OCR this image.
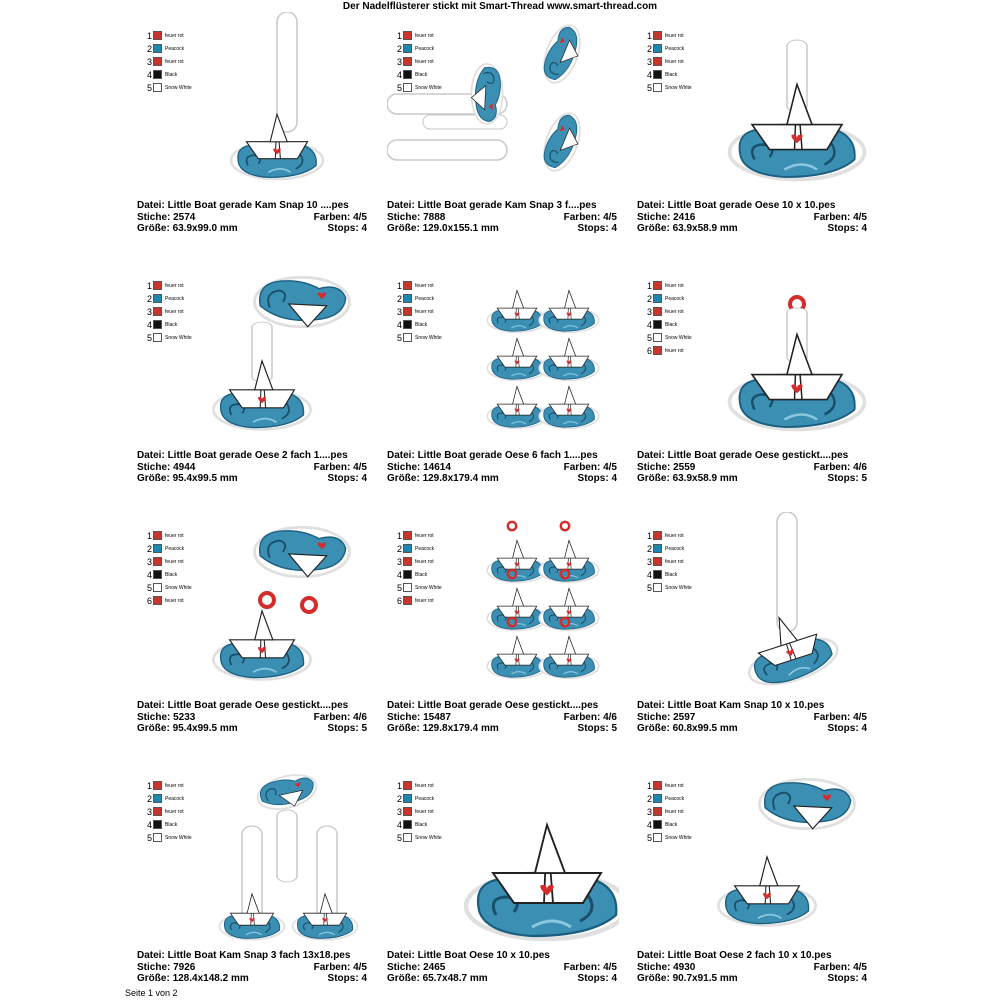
Der Nadelflüsterer stickt mit Smart-Thread www.smart-thread.com
1	feuer rot
2	Peacock
3	feuer rot
4	Black
5	Snow White
Datei: Little Boat gerade Kam Snap 10 ....pes
Stiche: 2574	Farben: 4/5
Größe: 63.9x99.0 mm	Stops: 4
1	feuer rot
2	Peacock
3	feuer rot
4	Black
5	Snow White
Datei: Little Boat gerade Kam Snap 3 f....pes
Stiche: 7888	Farben: 4/5
Größe: 129.0x155.1 mm	Stops: 4
1	feuer rot
2	Peacock
3	feuer rot
4	Black
5	Snow White
Datei: Little Boat gerade Oese 10 x 10.pes
Stiche: 2416	Farben: 4/5
Größe: 63.9x58.9 mm	Stops: 4
1	feuer rot
2	Peacock
3	feuer rot
4	Black
5	Snow White
Datei: Little Boat gerade Oese 2 fach 1....pes
Stiche: 4944	Farben: 4/5
Größe: 95.4x99.5 mm	Stops: 4
1	feuer rot
2	Peacock
3	feuer rot
4	Black
5	Snow White
Datei: Little Boat gerade Oese 6 fach 1....pes
Stiche: 14614	Farben: 4/5
Größe: 129.8x179.4 mm	Stops: 4
1	feuer rot
2	Peacock
3	feuer rot
4	Black
5	Snow White
6	feuer rot
Datei: Little Boat gerade Oese gestickt....pes
Stiche: 2559	Farben: 4/6
Größe: 63.9x58.9 mm	Stops: 5
1	feuer rot
2	Peacock
3	feuer rot
4	Black
5	Snow White
6	feuer rot
Datei: Little Boat gerade Oese gestickt....pes
Stiche: 5233	Farben: 4/6
Größe: 95.4x99.5 mm	Stops: 5
1	feuer rot
2	Peacock
3	feuer rot
4	Black
5	Snow White
6	feuer rot
Datei: Little Boat gerade Oese gestickt....pes
Stiche: 15487	Farben: 4/6
Größe: 129.8x179.4 mm	Stops: 5
1	feuer rot
2	Peacock
3	feuer rot
4	Black
5	Snow White
Datei: Little Boat Kam Snap 10 x 10.pes
Stiche: 2597	Farben: 4/5
Größe: 60.8x99.5 mm	Stops: 4
1	feuer rot
2	Peacock
3	feuer rot
4	Black
5	Snow White
Datei: Little Boat Kam Snap 3 fach 13x18.pes
Stiche: 7926	Farben: 4/5
Größe: 128.4x148.2 mm	Stops: 4
1	feuer rot
2	Peacock
3	feuer rot
4	Black
5	Snow White
Datei: Little Boat Oese 10 x 10.pes
Stiche: 2465	Farben: 4/5
Größe: 65.7x48.7 mm	Stops: 4
1	feuer rot
2	Peacock
3	feuer rot
4	Black
5	Snow White
Datei: Little Boat Oese 2 fach 10 x 10.pes
Stiche: 4930	Farben: 4/5
Größe: 90.7x91.5 mm	Stops: 4
Seite 1 von 2
